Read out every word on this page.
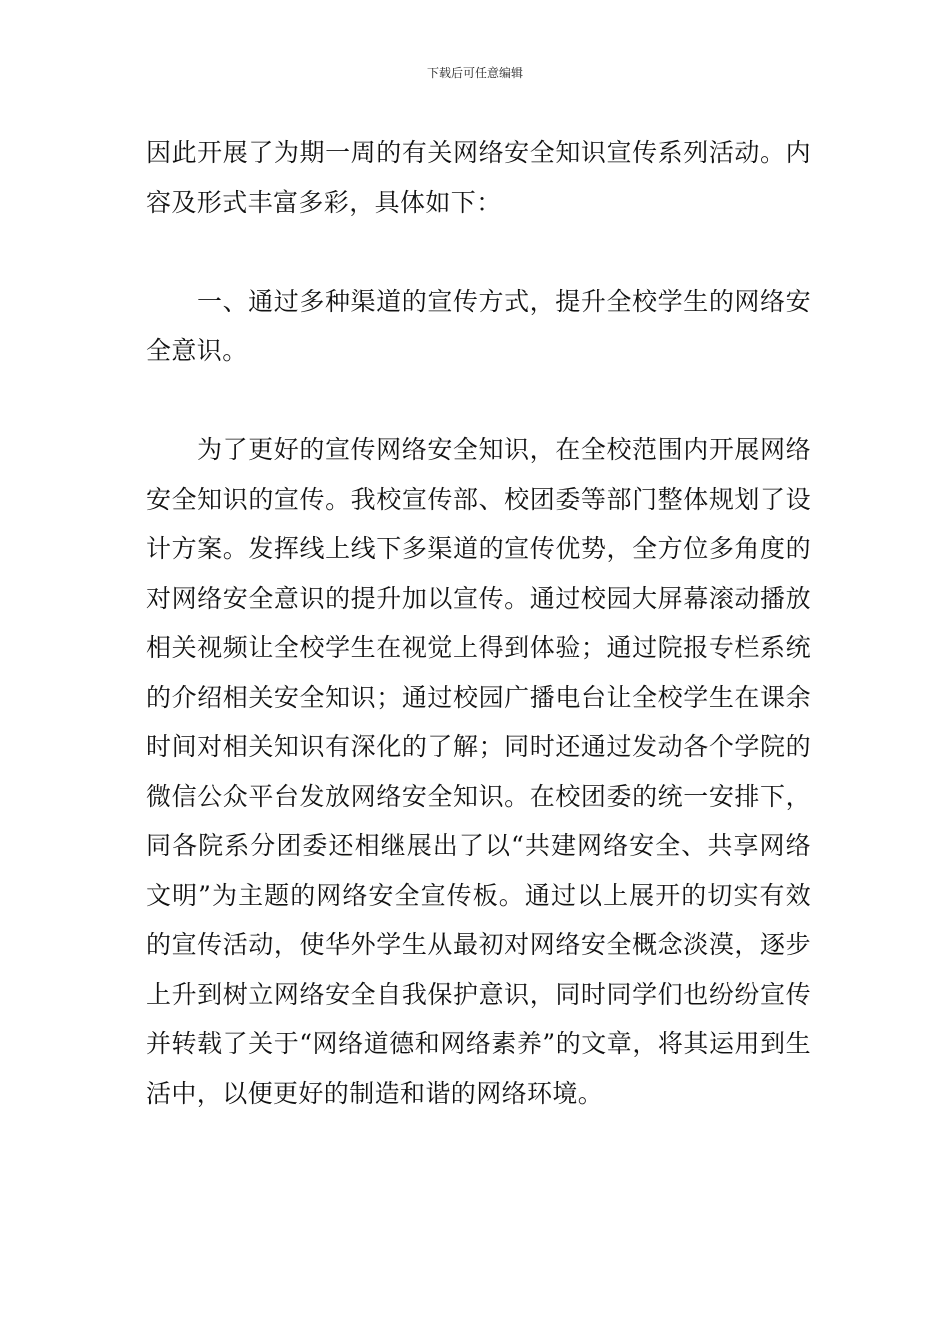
下载后可任意编辑

因此开展了为期一周的有关网络安全知识宣传系列活动。内容及形式丰富多彩，具体如下：

一、通过多种渠道的宣传方式，提升全校学生的网络安全意识。

为了更好的宣传网络安全知识，在全校范围内开展网络安全知识的宣传。我校宣传部、校团委等部门整体规划了设计方案。发挥线上线下多渠道的宣传优势，全方位多角度的对网络安全意识的提升加以宣传。通过校园大屏幕滚动播放相关视频让全校学生在视觉上得到体验；通过院报专栏系统的介绍相关安全知识；通过校园广播电台让全校学生在课余时间对相关知识有深化的了解；同时还通过发动各个学院的微信公众平台发放网络安全知识。在校团委的统一安排下，同各院系分团委还相继展出了以“共建网络安全、共享网络文明”为主题的网络安全宣传板。通过以上展开的切实有效的宣传活动，使华外学生从最初对网络安全概念淡漠，逐步上升到树立网络安全自我保护意识，同时同学们也纷纷宣传并转载了关于“网络道德和网络素养”的文章，将其运用到生活中，以便更好的制造和谐的网络环境。
